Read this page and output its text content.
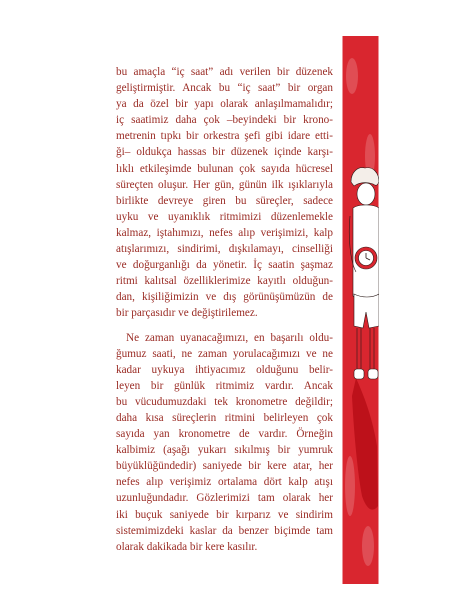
bu amaçla “iç saat” adı verilen bir düzenek
geliştirmiştir. Ancak bu “iç saat” bir organ
ya da özel bir yapı olarak anlaşılmamalıdır;
iç saatimiz daha çok –beyindeki bir krono-
metrenin tıpkı bir orkestra şefi gibi idare etti-
ği– oldukça hassas bir düzenek içinde karşı-
lıklı etkileşimde bulunan çok sayıda hücresel
süreçten oluşur. Her gün, günün ilk ışıklarıyla
birlikte devreye giren bu süreçler, sadece
uyku ve uyanıklık ritmimizi düzenlemekle
kalmaz, iştahımızı, nefes alıp verişimizi, kalp
atışlarımızı, sindirimi, dışkılamayı, cinselliği
ve doğurganlığı da yönetir. İç saatin şaşmaz
ritmi kalıtsal özelliklerimize kayıtlı olduğun-
dan, kişiliğimizin ve dış görünüşümüzün de
bir parçasıdır ve değiştirilemez.
Ne zaman uyanacağımızı, en başarılı oldu-
ğumuz saati, ne zaman yorulacağımızı ve ne
kadar uykuya ihtiyacımız olduğunu belir-
leyen bir günlük ritmimiz vardır. Ancak
bu vücudumuzdaki tek kronometre değildir;
daha kısa süreçlerin ritmini belirleyen çok
sayıda yan kronometre de vardır. Örneğin
kalbimiz (aşağı yukarı sıkılmış bir yumruk
büyüklüğündedir) saniyede bir kere atar, her
nefes alıp verişimiz ortalama dört kalp atışı
uzunluğundadır. Gözlerimizi tam olarak her
iki buçuk saniyede bir kırparız ve sindirim
sistemimizdeki kaslar da benzer biçimde tam
olarak dakikada bir kere kasılır.
